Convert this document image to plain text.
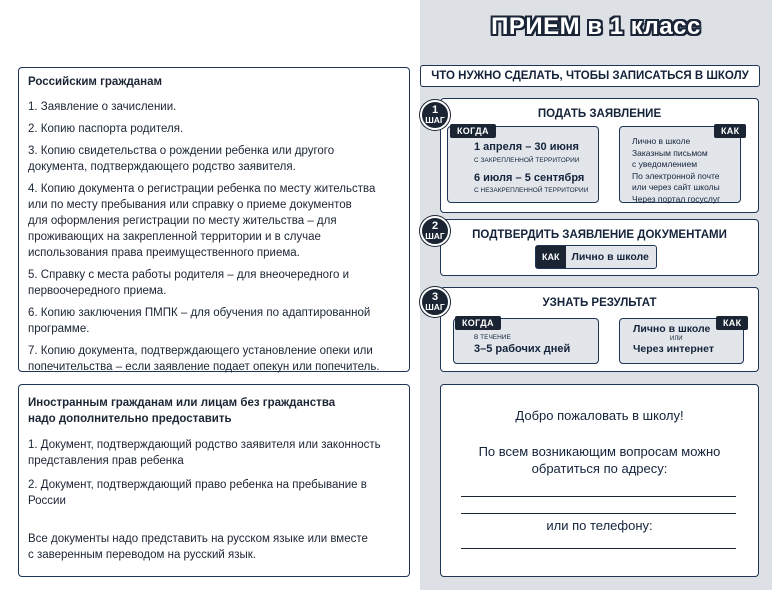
ПРИЕМ в 1 класс
ЧТО НУЖНО СДЕЛАТЬ, ЧТОБЫ ЗАПИСАТЬСЯ В ШКОЛУ
Российским гражданам
1. Заявление о зачислении.
2. Копию паспорта родителя.
3. Копию свидетельства о рождении ребенка или другого
документа, подтверждающего родство заявителя.
4. Копию документа о регистрации ребенка по месту жительства
или по месту пребывания или справку о приеме документов
для оформления регистрации по месту жительства – для
проживающих на закрепленной территории и в случае
использования права преимущественного приема.
5. Справку с места работы родителя – для внеочередного и
первоочередного приема.
6. Копию заключения ПМПК – для обучения по адаптированной
программе.
7. Копию документа, подтверждающего установление опеки или
попечительства – если заявление подает опекун или попечитель.
Иностранным гражданам или лицам без гражданства
надо дополнительно предоставить
1. Документ, подтверждающий родство заявителя или законность
представления прав ребенка
2. Документ, подтверждающий право ребенка на пребывание в
России
Все документы надо представить на русском языке или вместе
с заверенным переводом на русский язык.
1
ШАГ	ПОДАТЬ ЗАЯВЛЕНИЕ
КОГДА
1 апреля – 30 июня
С ЗАКРЕПЛЕННОЙ ТЕРРИТОРИИ
6 июля – 5 сентября
С НЕЗАКРЕПЛЕННОЙ ТЕРРИТОРИИ
КАК
Лично в школе
Заказным письмом
с уведомлением
По электронной почте
или через сайт школы
Через портал госуслуг
2
ШАГ	ПОДТВЕРДИТЬ ЗАЯВЛЕНИЕ ДОКУМЕНТАМИ
КАК	Лично в школе
3
ШАГ	УЗНАТЬ РЕЗУЛЬТАТ
КОГДА
В ТЕЧЕНИЕ
3–5 рабочих дней
КАК
Лично в школе
ИЛИ
Через интернет
Добро пожаловать в школу!
По всем возникающим вопросам можно
обратиться по адресу:
или по телефону:
